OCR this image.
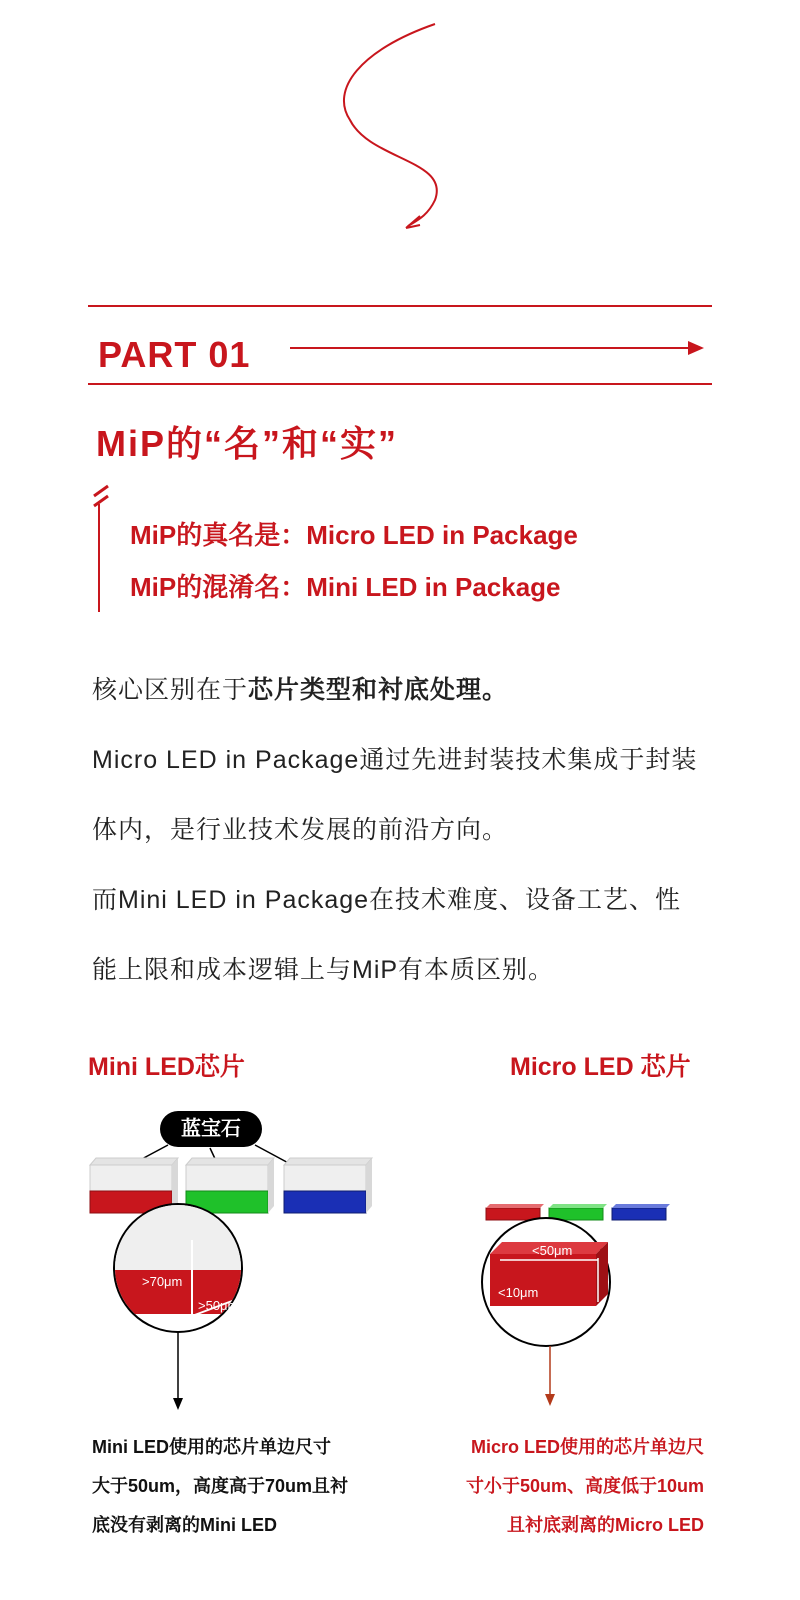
PART 01
MiP的“名”和“实”
MiP的真名是：Micro LED in Package
MiP的混淆名：Mini LED in Package
核心区别在于芯片类型和衬底处理。
Micro LED in Package通过先进封装技术集成于封装
体内，是行业技术发展的前沿方向。
而Mini LED in Package在技术难度、设备工艺、性
能上限和成本逻辑上与MiP有本质区别。
Mini LED芯片	Micro LED 芯片
>70μm
>50μm
蓝宝石
<50μm
<10μm
Mini LED使用的芯片单边尺寸
大于50um，高度高于70um且衬
底没有剥离的Mini LED
Micro LED使用的芯片单边尺
寸小于50um、高度低于10um
且衬底剥离的Micro LED
